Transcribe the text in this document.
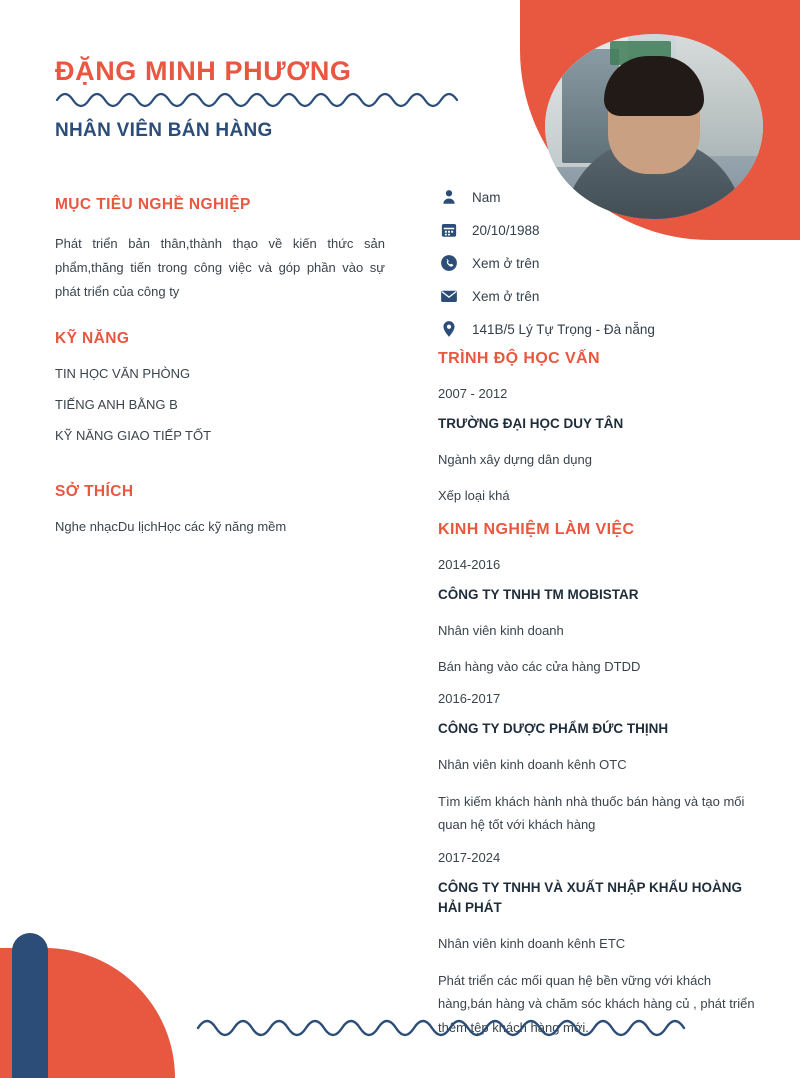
ĐẶNG MINH PHƯƠNG
NHÂN VIÊN BÁN HÀNG
Nam
20/10/1988
Xem ở trên
Xem ở trên
141B/5 Lý Tự Trọng - Đà nẵng
MỤC TIÊU NGHỀ NGHIỆP

Phát triển bản thân,thành thạo về kiến thức sản phẩm,thăng tiến trong công việc và góp phần vào sự phát triển của công ty

KỸ NĂNG
TIN HỌC VĂN PHÒNG
TIẾNG ANH BẰNG B
KỸ NĂNG GIAO TIẾP TỐT
SỞ THÍCH
Nghe nhạcDu lịchHọc các kỹ năng mềm
TRÌNH ĐỘ HỌC VẤN
2007 - 2012
TRƯỜNG ĐẠI HỌC DUY TÂN
Ngành xây dựng dân dụng
Xếp loại khá
KINH NGHIỆM LÀM VIỆC
2014-2016
CÔNG TY TNHH TM MOBISTAR
Nhân viên kinh doanh
Bán hàng vào các cửa hàng DTDD
2016-2017
CÔNG TY DƯỢC PHẨM ĐỨC THỊNH
Nhân viên kinh doanh kênh OTC
Tìm kiếm khách hành nhà thuốc bán hàng và tạo mối quan hệ tốt với khách hàng
2017-2024
CÔNG TY TNHH VÀ XUẤT NHẬP KHẨU HOÀNG HẢI PHÁT
Nhân viên kinh doanh kênh ETC
Phát triển các mối quan hệ bền vững với khách hàng,bán hàng và chăm sóc khách hàng củ , phát triển thêm tệp khách hàng mới.
